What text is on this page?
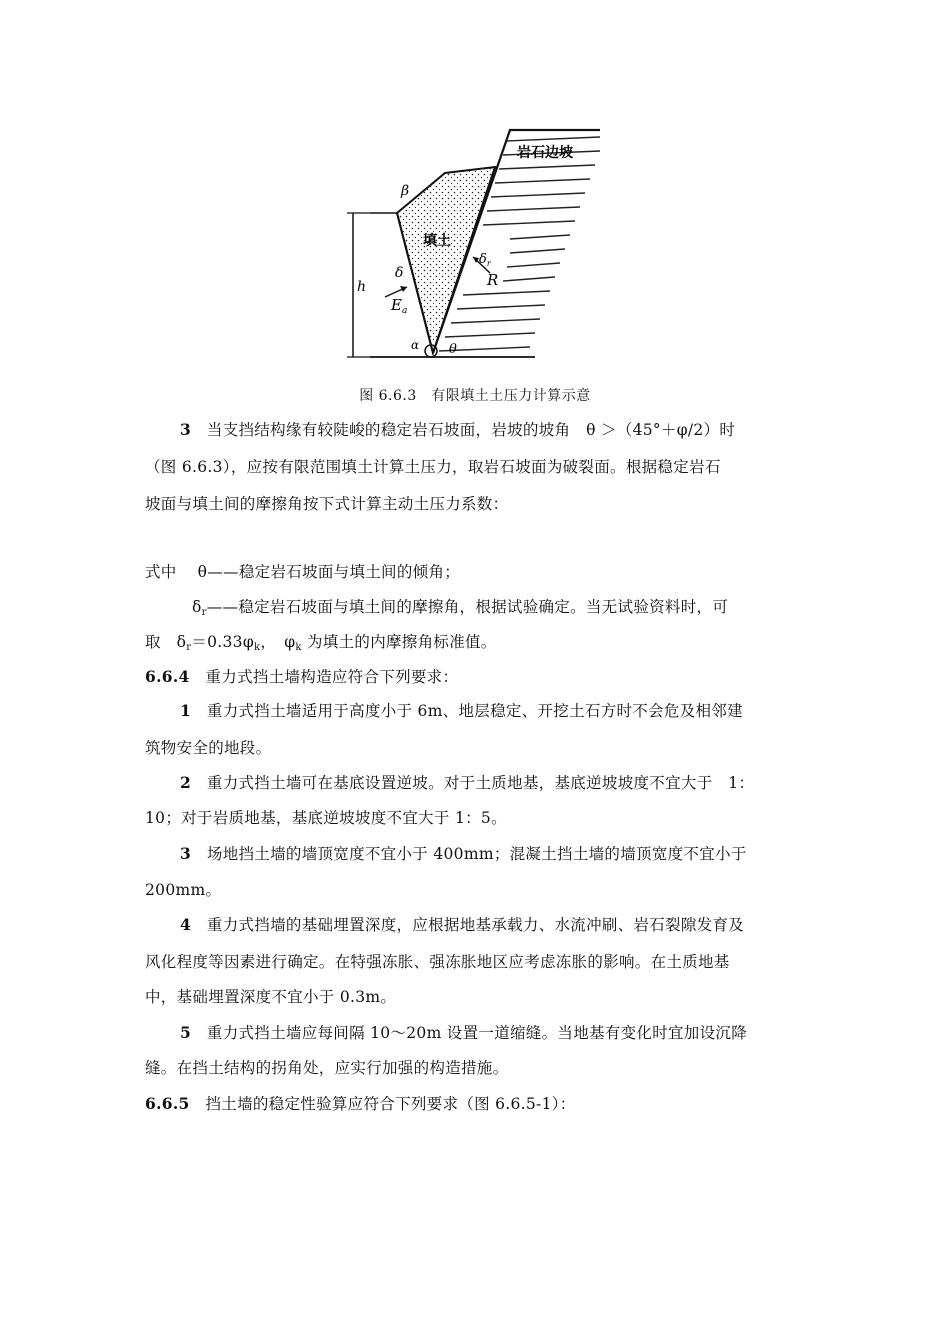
岩石边坡
填土
β
δ
$E_a$
h
$\delta_r$
R
α θ
图 6.6.3　有限填土土压力计算示意
3　 当支挡结构缘有较陡峻的稳定岩石坡面，岩坡的坡角　θ ＞（45°＋φ/2）时
（图 6.6.3），应按有限范围填土计算土压力，取岩石坡面为破裂面。根据稳定岩石
坡面与填土间的摩擦角按下式计算主动土压力系数：
式中　 θ——稳定岩石坡面与填土间的倾角；
$\delta_r——$稳定岩石坡面与填土间的摩擦角，根据试验确定。当无试验资料时，可
取　$\delta_r=0.33\varphi_k$，　$\varphi_k$ 为填土的内摩擦角标准值。
6.6.4　 重力式挡土墙构造应符合下列要求：
1　 重力式挡土墙适用于高度小于 6m、地层稳定、开挖土石方时不会危及相邻建
筑物安全的地段。
2　 重力式挡土墙可在基底设置逆坡。对于土质地基，基底逆坡坡度不宜大于　1：
10；对于岩质地基，基底逆坡坡度不宜大于 1：5。
3　 场地挡土墙的墙顶宽度不宜小于 400mm；混凝土挡土墙的墙顶宽度不宜小于
200mm。
4　 重力式挡墙的基础埋置深度，应根据地基承载力、水流冲刷、岩石裂隙发育及
风化程度等因素进行确定。在特强冻胀、强冻胀地区应考虑冻胀的影响。在土质地基
中，基础埋置深度不宜小于 0.3m。
5　 重力式挡土墙应每间隔 10～20m 设置一道缩缝。当地基有变化时宜加设沉降
缝。在挡土结构的拐角处，应实行加强的构造措施。
6.6.5　 挡土墙的稳定性验算应符合下列要求（图 6.6.5-1）：
